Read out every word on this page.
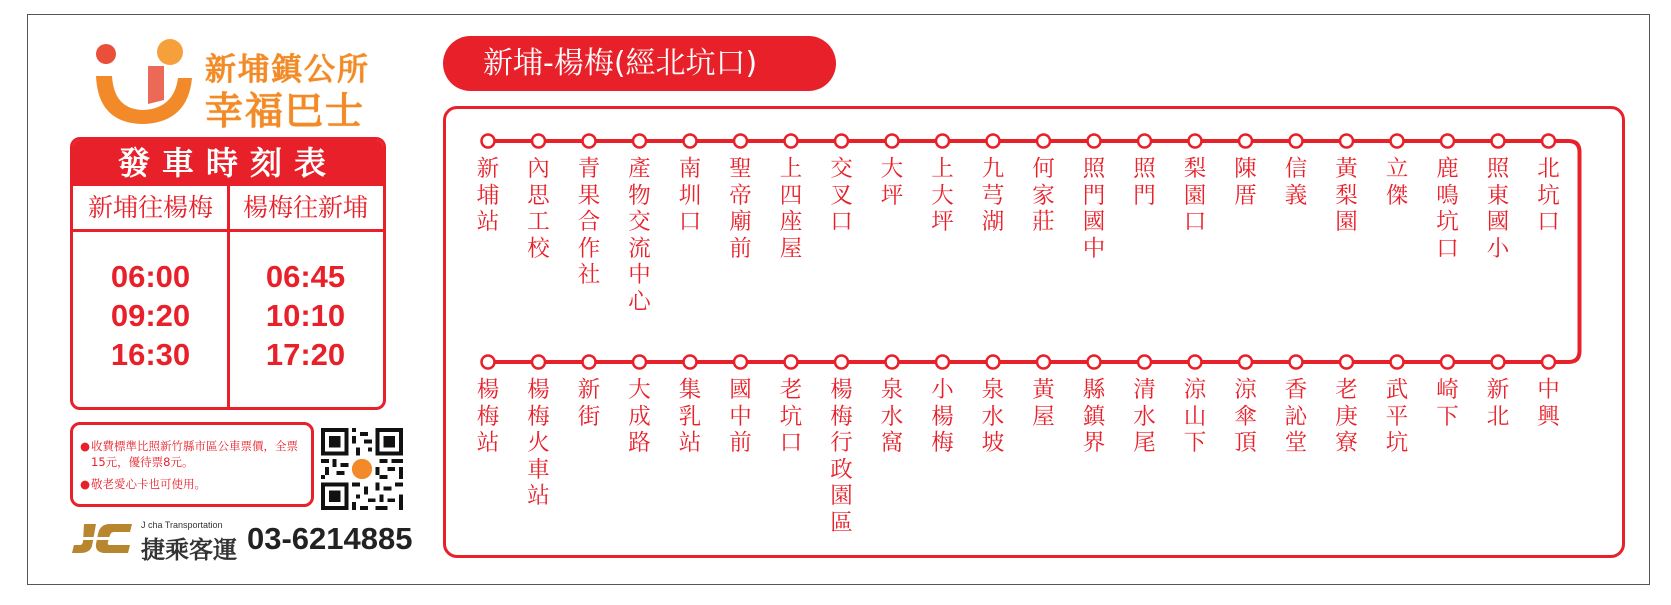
新埔鎮公所
幸福巴士
發車時刻表
新埔往楊梅	楊梅往新埔
06:00
09:20
16:30
06:45
10:10
17:20
● 收費標準比照新竹縣市區公車票價，全票15元，優待票8元。
● 敬老愛心卡也可使用。
J cha Transportation
捷乘客運 03-6214885
新埔-楊梅(經北坑口)
新埔站
內思工校
青果合作社
產物交流中心
南圳口
聖帝廟前
上四座屋
交叉口
大坪
上大坪
九芎湖
何家莊
照門國中
照門
梨園口
陳厝
信義
黃梨園
立傑
鹿鳴坑口
照東國小
北坑口
楊梅站
楊梅火車站
新街
大成路
集乳站
國中前
老坑口
楊梅行政園區
泉水窩
小楊梅
泉水坡
黃屋
縣鎮界
清水尾
涼山下
涼傘頂
香訫堂
老庚寮
武平坑
崎下
新北
中興
